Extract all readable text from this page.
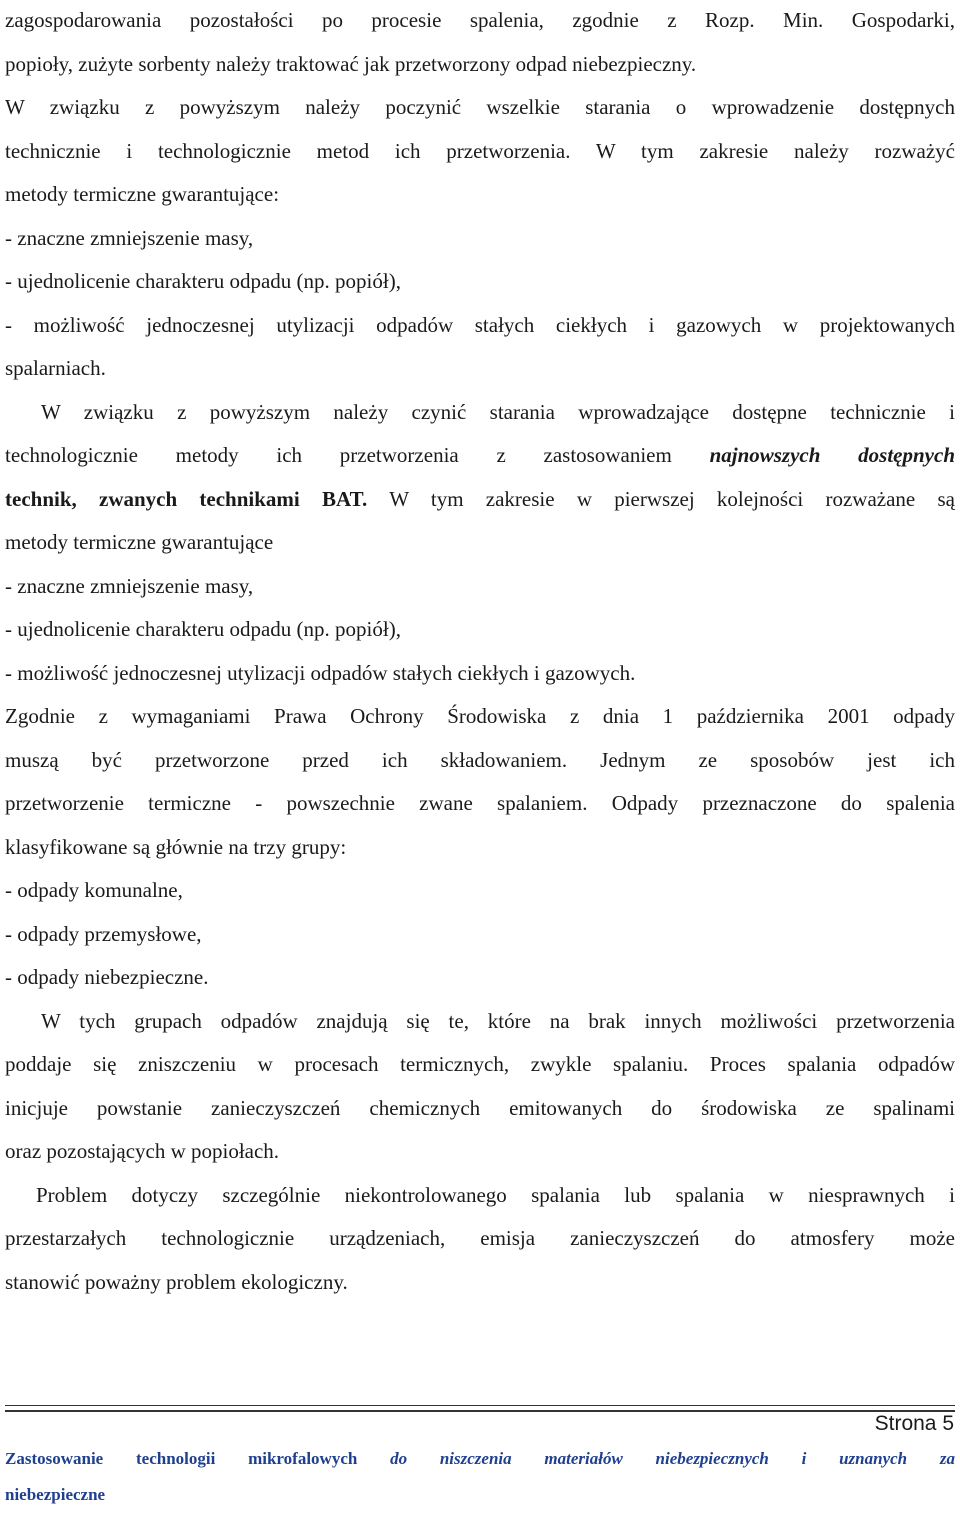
zagospodarowania pozostałości po procesie spalenia, zgodnie z Rozp. Min. Gospodarki,
popioły, zużyte sorbenty należy traktować jak przetworzony odpad niebezpieczny.
W związku z powyższym należy poczynić wszelkie starania o wprowadzenie dostępnych
technicznie i technologicznie metod ich przetworzenia. W tym zakresie należy rozważyć
metody termiczne gwarantujące:
- znaczne zmniejszenie masy,
- ujednolicenie charakteru odpadu (np. popiół),
- możliwość jednoczesnej utylizacji odpadów stałych ciekłych i gazowych w projektowanych
spalarniach.
W związku z powyższym należy czynić starania wprowadzające dostępne technicznie i
technologicznie metody ich przetworzenia z zastosowaniem najnowszych dostępnych
technik, zwanych technikami BAT. W tym zakresie w pierwszej kolejności rozważane są
metody termiczne gwarantujące
- znaczne zmniejszenie masy,
- ujednolicenie charakteru odpadu (np. popiół),
- możliwość jednoczesnej utylizacji odpadów stałych ciekłych i gazowych.
Zgodnie z wymaganiami Prawa Ochrony Środowiska z dnia 1 października 2001 odpady
muszą być przetworzone przed ich składowaniem. Jednym ze sposobów jest ich
przetworzenie termiczne - powszechnie zwane spalaniem. Odpady przeznaczone do spalenia
klasyfikowane są głównie na trzy grupy:
- odpady komunalne,
- odpady przemysłowe,
- odpady niebezpieczne.
W tych grupach odpadów znajdują się te, które na brak innych możliwości przetworzenia
poddaje się zniszczeniu w procesach termicznych, zwykle spalaniu. Proces spalania odpadów
inicjuje powstanie zanieczyszczeń chemicznych emitowanych do środowiska ze spalinami
oraz pozostających w popiołach.
Problem dotyczy szczególnie niekontrolowanego spalania lub spalania w niesprawnych i
przestarzałych technologicznie urządzeniach, emisja zanieczyszczeń do atmosfery może
stanowić poważny problem ekologiczny.
Strona 5
Zastosowanie technologii mikrofalowych do niszczenia materiałów niebezpiecznych i uznanych za
niebezpieczne
